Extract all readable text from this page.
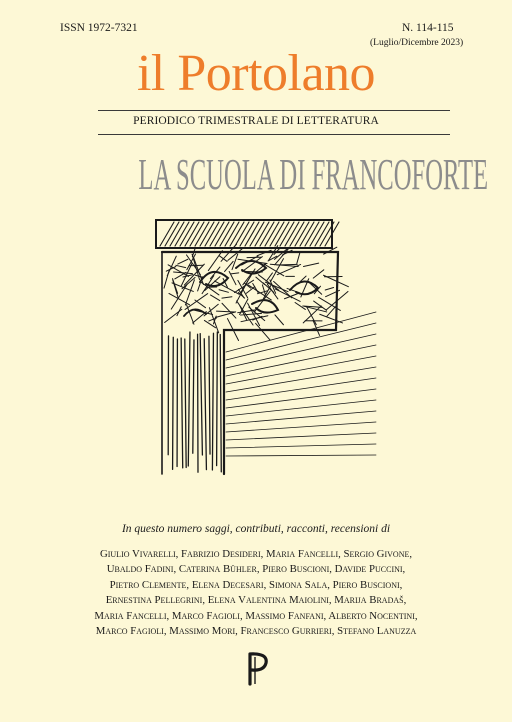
ISSN 1972-7321	N. 114-115
(Luglio/Dicembre 2023)
il Portolano
PERIODICO TRIMESTRALE DI LETTERATURA
LA SCUOLA DI FRANCOFORTE
In questo numero saggi, contributi, racconti, recensioni di
Giulio Vivarelli, Fabrizio Desideri, Maria Fancelli, Sergio Givone,
Ubaldo Fadini, Caterina Bühler, Piero Buscioni, Davide Puccini,
Pietro Clemente, Elena Decesari, Simona Sala, Piero Buscioni,
Ernestina Pellegrini, Elena Valentina Maiolini, Marija Bradaš,
Maria Fancelli, Marco Fagioli, Massimo Fanfani, Alberto Nocentini,
Marco Fagioli, Massimo Mori, Francesco Gurrieri, Stefano Lanuzza
